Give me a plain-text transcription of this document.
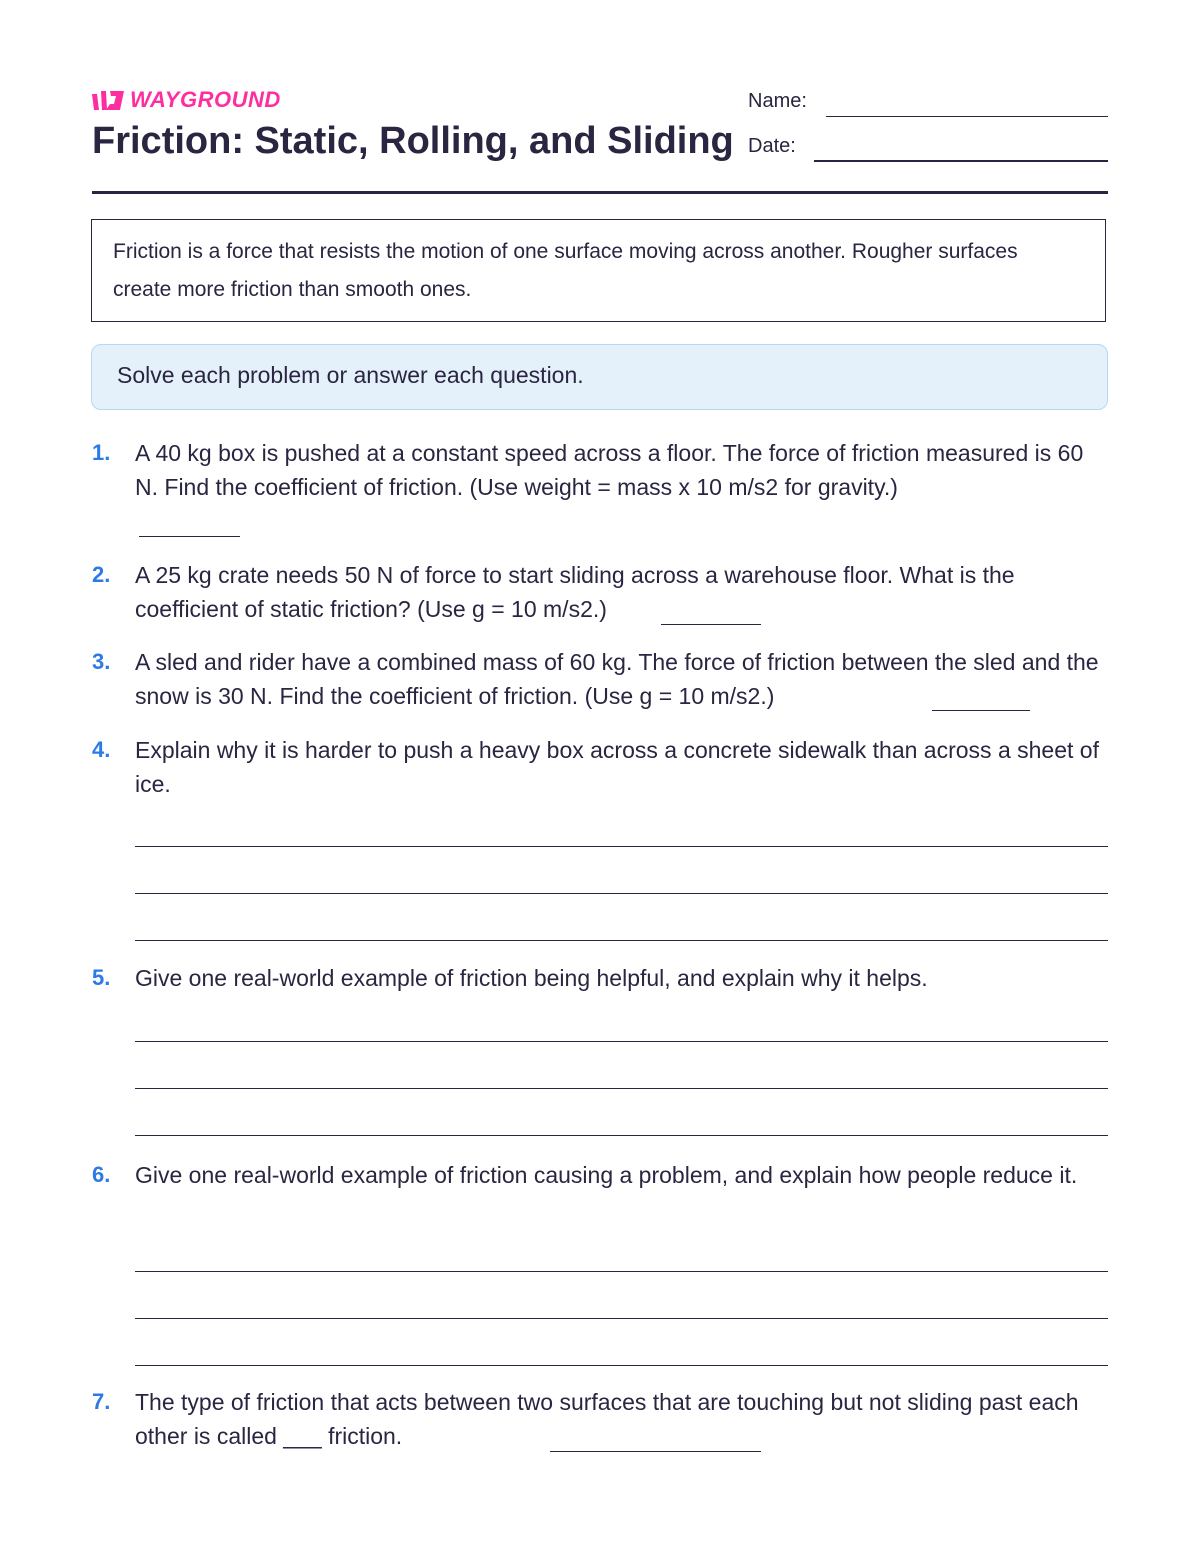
WAYGROUND
Friction: Static, Rolling, and Sliding
Name:
Date:
Friction is a force that resists the motion of one surface moving across another. Rougher surfaces create more friction than smooth ones.
Solve each problem or answer each question.
1. A 40 kg box is pushed at a constant speed across a floor. The force of friction measured is 60 N. Find the coefficient of friction. (Use weight = mass x 10 m/s2 for gravity.)
2. A 25 kg crate needs 50 N of force to start sliding across a warehouse floor. What is the coefficient of static friction? (Use g = 10 m/s2.)
3. A sled and rider have a combined mass of 60 kg. The force of friction between the sled and the snow is 30 N. Find the coefficient of friction. (Use g = 10 m/s2.)
4. Explain why it is harder to push a heavy box across a concrete sidewalk than across a sheet of ice.
5. Give one real-world example of friction being helpful, and explain why it helps.
6. Give one real-world example of friction causing a problem, and explain how people reduce it.
7. The type of friction that acts between two surfaces that are touching but not sliding past each other is called ___ friction.
